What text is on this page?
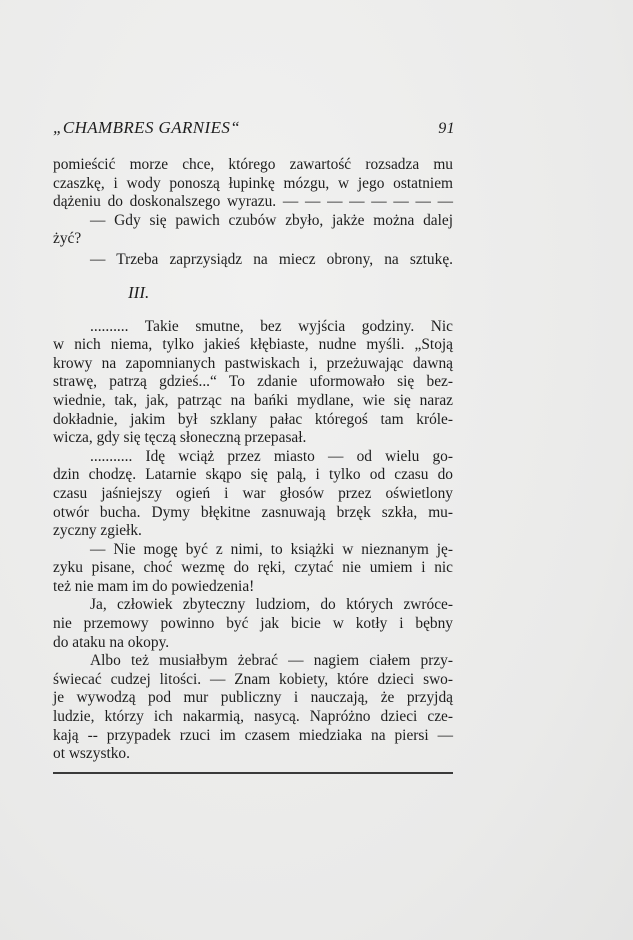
„CHAMBRES GARNIES“	91
pomieścić morze chce, którego zawartość rozsadza mu
czaszkę, i wody ponoszą łupinkę mózgu, w jego ostatniem
dążeniu do doskonalszego wyrazu. — — — — — — — —
— Gdy się pawich czubów zbyło, jakże można dalej
żyć?
— Trzeba zaprzysiądz na miecz obrony, na sztukę.
III.
.......... Takie smutne, bez wyjścia godziny. Nic
w nich niema, tylko jakieś kłębiaste, nudne myśli. „Stoją
krowy na zapomnianych pastwiskach i, przeżuwając dawną
strawę, patrzą gdzieś...“ To zdanie uformowało się bez-
wiednie, tak, jak, patrząc na bańki mydlane, wie się naraz
dokładnie, jakim był szklany pałac któregoś tam króle-
wicza, gdy się tęczą słoneczną przepasał.
........... Idę wciąż przez miasto — od wielu go-
dzin chodzę. Latarnie skąpo się palą, i tylko od czasu do
czasu jaśniejszy ogień i war głosów przez oświetlony
otwór bucha. Dymy błękitne zasnuwają brzęk szkła, mu-
zyczny zgiełk.
— Nie mogę być z nimi, to książki w nieznanym ję-
zyku pisane, choć wezmę do ręki, czytać nie umiem i nic
też nie mam im do powiedzenia!
Ja, człowiek zbyteczny ludziom, do których zwróce-
nie przemowy powinno być jak bicie w kotły i bębny
do ataku na okopy.
Albo też musiałbym żebrać — nagiem ciałem przy-
świecać cudzej litości. — Znam kobiety, które dzieci swo-
je wywodzą pod mur publiczny i nauczają, że przyjdą
ludzie, którzy ich nakarmią, nasycą. Napróżno dzieci cze-
kają -- przypadek rzuci im czasem miedziaka na piersi —
ot wszystko.
